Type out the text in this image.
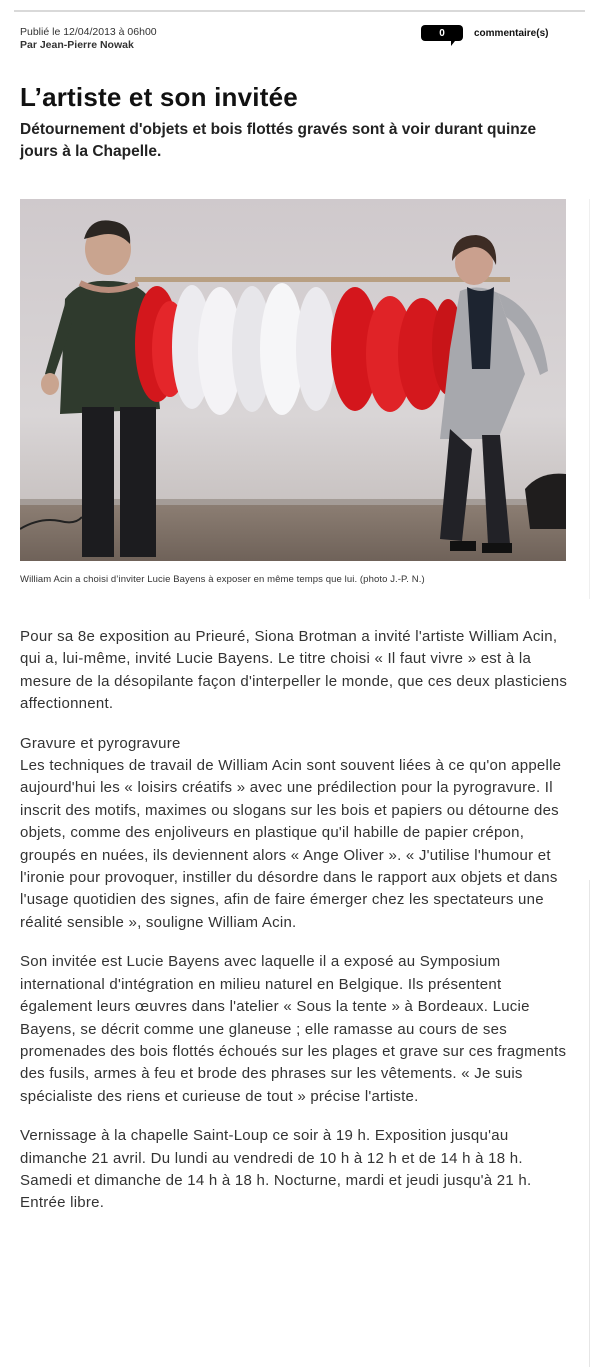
Publié le 12/04/2013 à 06h00
Par Jean-Pierre Nowak
0	commentaire(s)
L’artiste et son invitée

Détournement d'objets et bois flottés gravés sont à voir durant quinze jours à la Chapelle.

William Acin a choisi d’inviter Lucie Bayens à exposer en même temps que lui. (photo J.-P. N.)

Pour sa 8e exposition au Prieuré, Siona Brotman a invité l'artiste William Acin, qui a, lui-même, invité Lucie Bayens. Le titre choisi « Il faut vivre » est à la mesure de la désopilante façon d'interpeller le monde, que ces deux plasticiens affectionnent.

Gravure et pyrogravure

Les techniques de travail de William Acin sont souvent liées à ce qu'on appelle aujourd'hui les « loisirs créatifs » avec une prédilection pour la pyrogravure. Il inscrit des motifs, maximes ou slogans sur les bois et papiers ou détourne des objets, comme des enjoliveurs en plastique qu'il habille de papier crépon, groupés en nuées, ils deviennent alors « Ange Oliver ». « J'utilise l'humour et l'ironie pour provoquer, instiller du désordre dans le rapport aux objets et dans l'usage quotidien des signes, afin de faire émerger chez les spectateurs une réalité sensible », souligne William Acin.

Son invitée est Lucie Bayens avec laquelle il a exposé au Symposium international d'intégration en milieu naturel en Belgique. Ils présentent également leurs œuvres dans l'atelier « Sous la tente » à Bordeaux. Lucie Bayens, se décrit comme une glaneuse ; elle ramasse au cours de ses promenades des bois flottés échoués sur les plages et grave sur ces fragments des fusils, armes à feu et brode des phrases sur les vêtements. « Je suis spécialiste des riens et curieuse de tout » précise l'artiste.

Vernissage à la chapelle Saint-Loup ce soir à 19 h. Exposition jusqu'au dimanche 21 avril. Du lundi au vendredi de 10 h à 12 h et de 14 h à 18 h. Samedi et dimanche de 14 h à 18 h. Nocturne, mardi et jeudi jusqu'à 21 h. Entrée libre.
